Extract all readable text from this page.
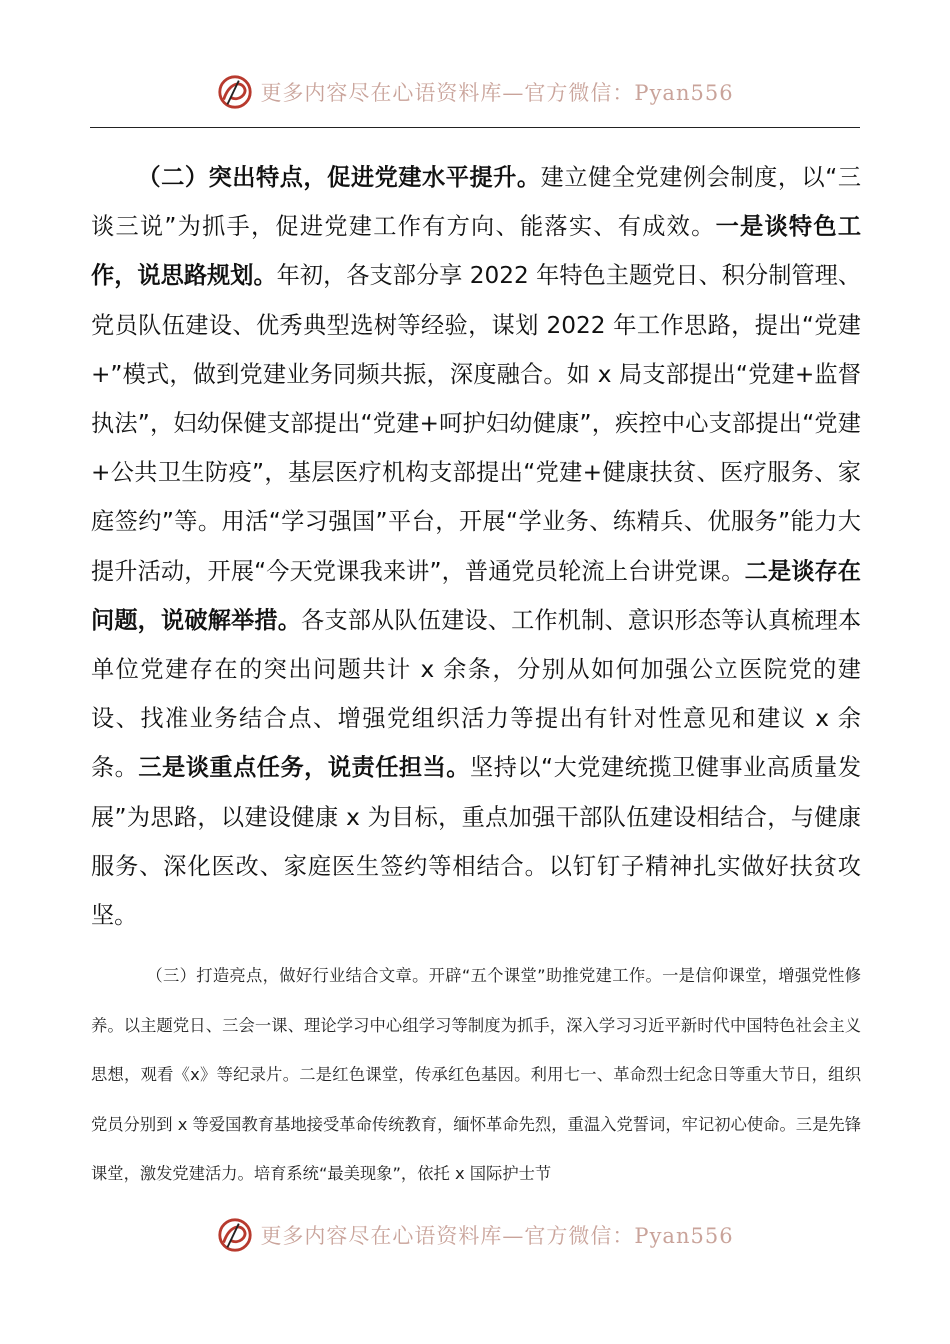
更多内容尽在心语资料库—官方微信：Pyan556

（二）突出特点，促进党建水平提升。建立健全党建例会制度，以“三谈三说”为抓手，促进党建工作有方向、能落实、有成效。一是谈特色工作，说思路规划。年初，各支部分享 2022 年特色主题党日、积分制管理、党员队伍建设、优秀典型选树等经验，谋划 2022 年工作思路，提出“党建+”模式，做到党建业务同频共振，深度融合。如 x 局支部提出“党建+监督执法”，妇幼保健支部提出“党建+呵护妇幼健康”，疾控中心支部提出“党建+公共卫生防疫”，基层医疗机构支部提出“党建+健康扶贫、医疗服务、家庭签约”等。用活“学习强国”平台，开展“学业务、练精兵、优服务”能力大提升活动，开展“今天党课我来讲”，普通党员轮流上台讲党课。二是谈存在问题，说破解举措。各支部从队伍建设、工作机制、意识形态等认真梳理本单位党建存在的突出问题共计 x 余条，分别从如何加强公立医院党的建设、找准业务结合点、增强党组织活力等提出有针对性意见和建议 x 余条。三是谈重点任务，说责任担当。坚持以“大党建统揽卫健事业高质量发展”为思路，以建设健康 x 为目标，重点加强干部队伍建设相结合，与健康服务、深化医改、家庭医生签约等相结合。以钉钉子精神扎实做好扶贫攻坚。

（三）打造亮点，做好行业结合文章。开辟“五个课堂”助推党建工作。一是信仰课堂，增强党性修养。以主题党日、三会一课、理论学习中心组学习等制度为抓手，深入学习习近平新时代中国特色社会主义思想，观看《x》等纪录片。二是红色课堂，传承红色基因。利用七一、革命烈士纪念日等重大节日，组织党员分别到 x 等爱国教育基地接受革命传统教育，缅怀革命先烈，重温入党誓词，牢记初心使命。三是先锋课堂，激发党建活力。培育系统“最美现象”，依托 x 国际护士节

更多内容尽在心语资料库—官方微信：Pyan556
